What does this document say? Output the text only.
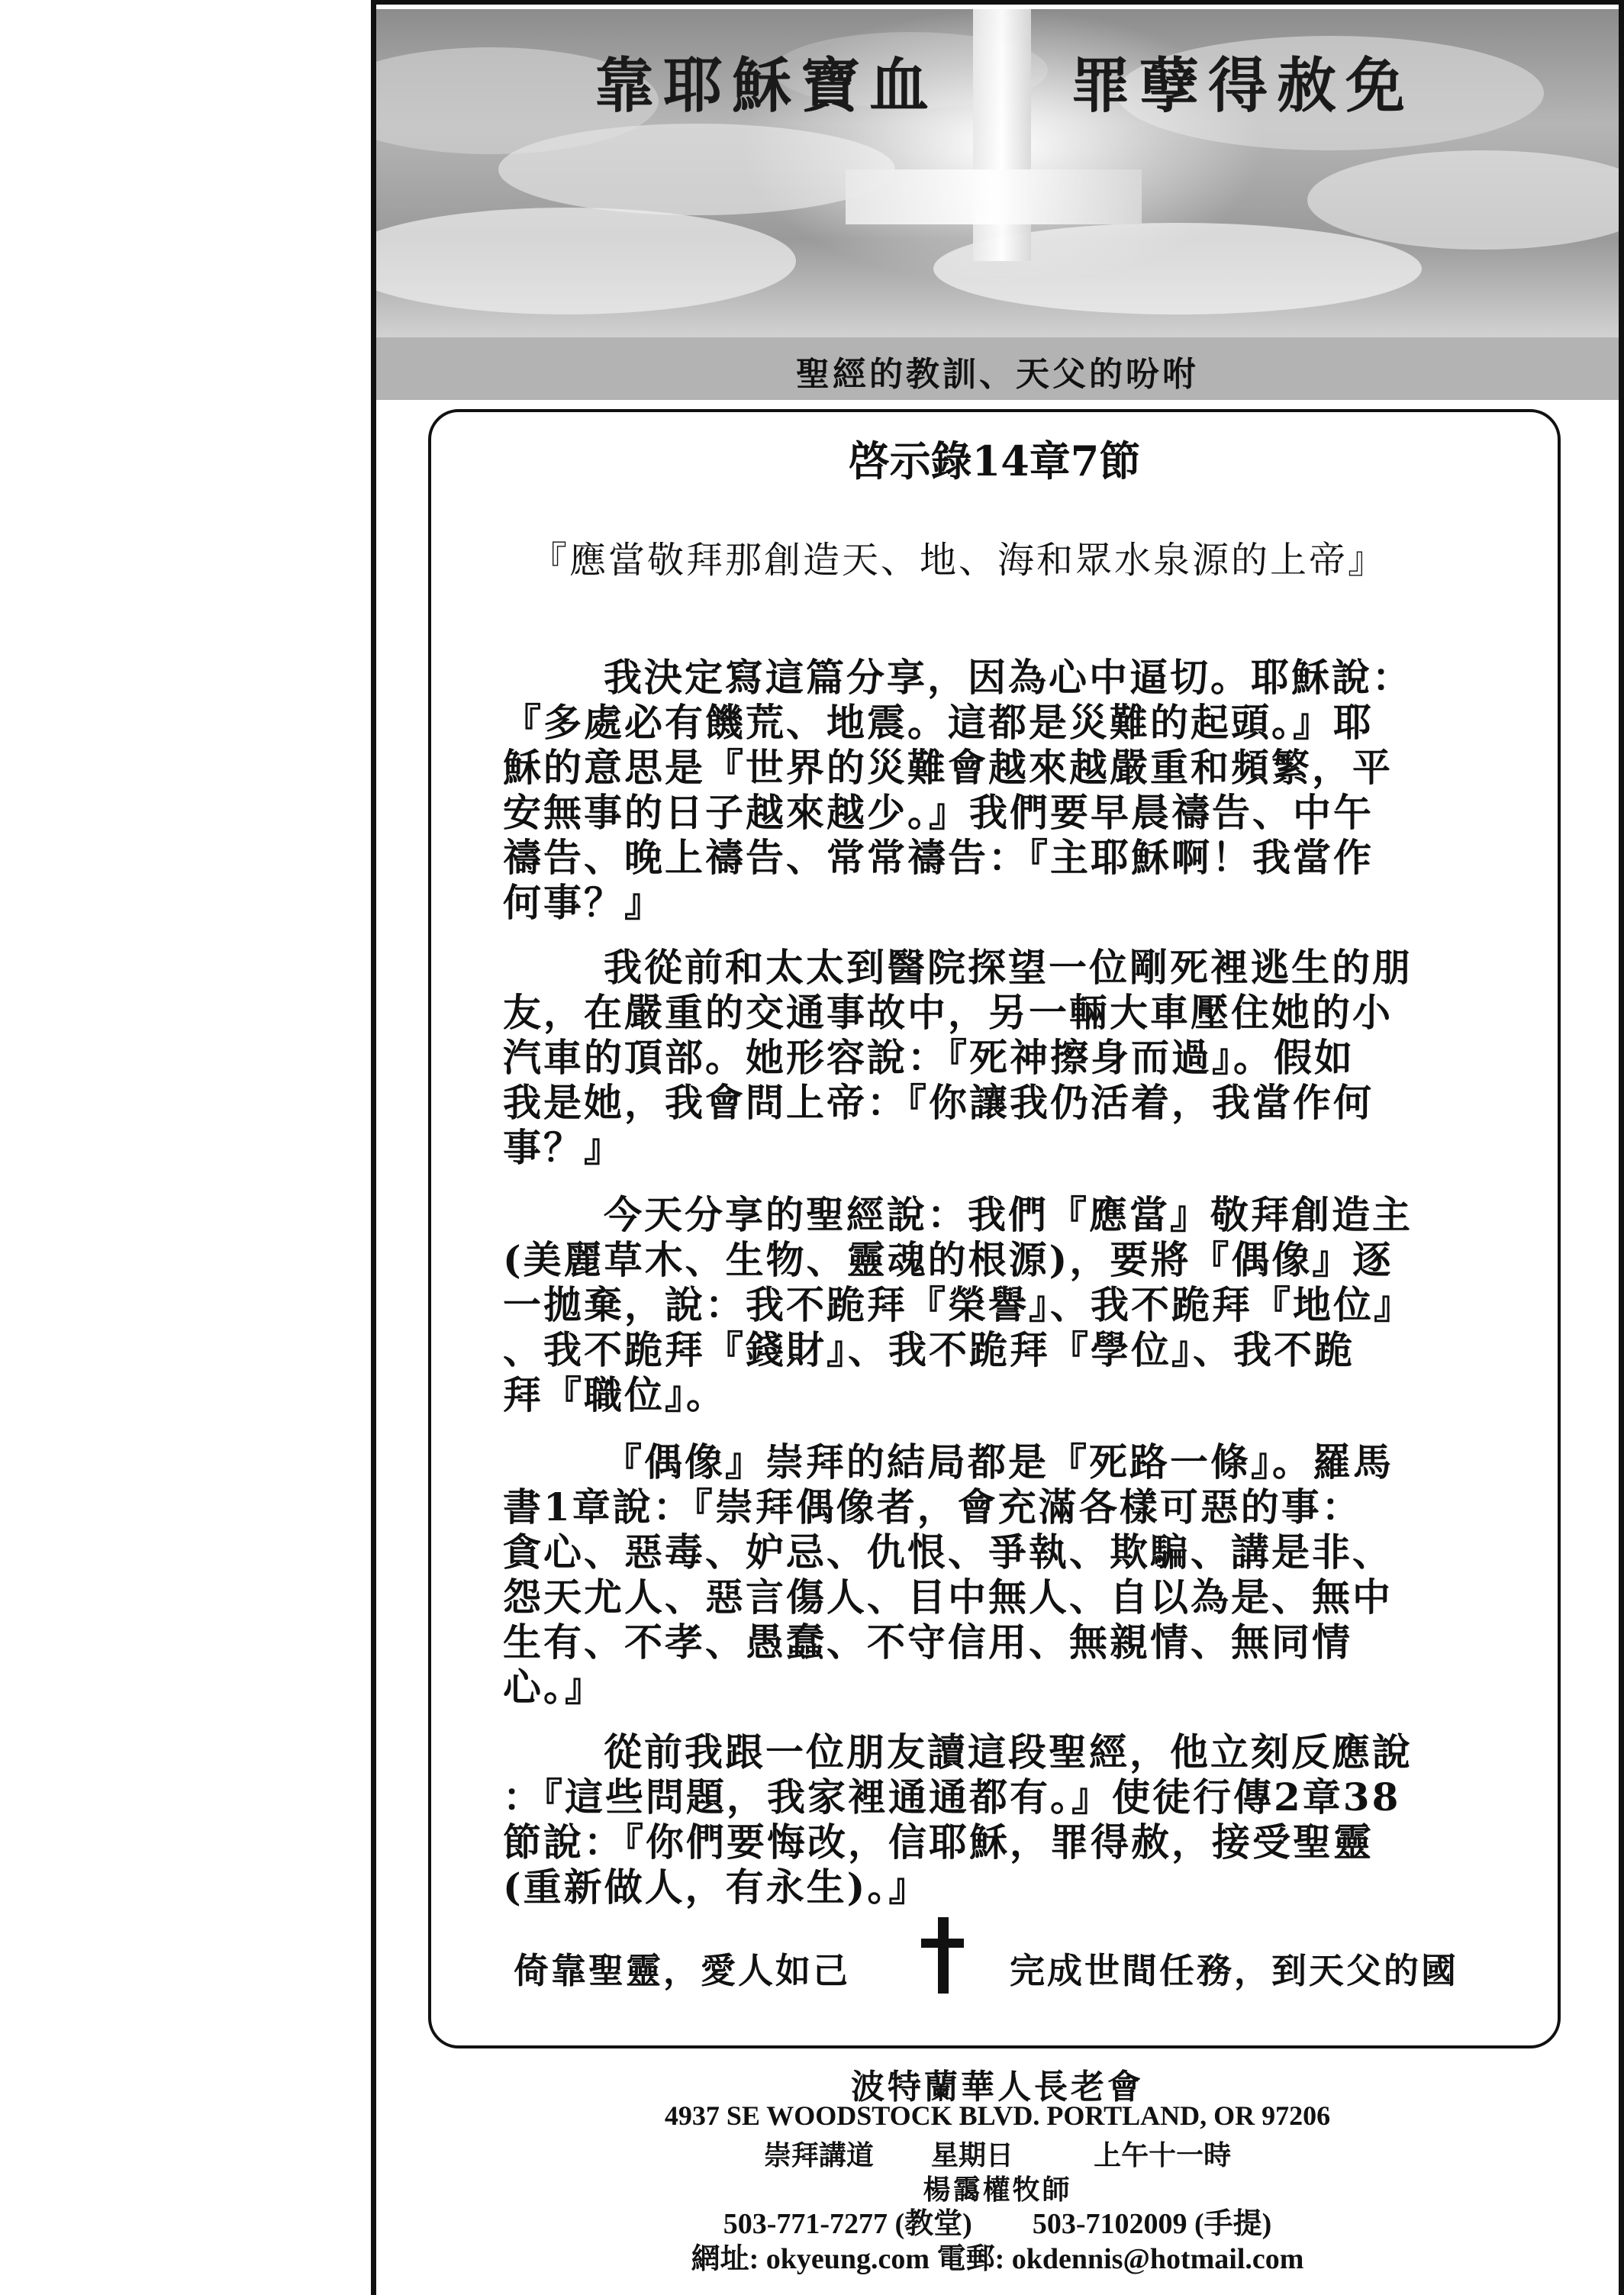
靠耶穌寶血 罪孽得赦免
聖經的教訓、天父的吩咐
啓示錄14章7節
『應當敬拜那創造天、地、海和眾水泉源的上帝』

我決定寫這篇分享，因為心中逼切。耶穌說：
『多處必有饑荒、地震。這都是災難的起頭。』耶
穌的意思是『世界的災難會越來越嚴重和頻繁，平
安無事的日子越來越少。』我們要早晨禱告、中午
禱告、晚上禱告、常常禱告：『主耶穌啊！我當作
何事？』

我從前和太太到醫院探望一位剛死裡逃生的朋
友，在嚴重的交通事故中，另一輛大車壓住她的小
汽車的頂部。她形容說：『死神擦身而過』。假如
我是她，我會問上帝：『你讓我仍活着，我當作何
事？』

今天分享的聖經說：我們『應當』敬拜創造主
(美麗草木、生物、靈魂的根源)，要將『偶像』逐
一拋棄，說：我不跪拜『榮譽』、我不跪拜『地位』
、我不跪拜『錢財』、我不跪拜『學位』、我不跪
拜『職位』。

『偶像』崇拜的結局都是『死路一條』。羅馬
書1章說：『崇拜偶像者，會充滿各樣可惡的事：
貪心、惡毒、妒忌、仇恨、爭執、欺騙、講是非、
怨天尤人、惡言傷人、目中無人、自以為是、無中
生有、不孝、愚蠢、不守信用、無親情、無同情
心。』

從前我跟一位朋友讀這段聖經，他立刻反應說
：『這些問題，我家裡通通都有。』使徒行傳2章38
節說：『你們要悔改，信耶穌，罪得赦，接受聖靈
(重新做人，有永生)。』

倚靠聖靈，愛人如己	完成世間任務，到天父的國
波特蘭華人長老會
4937 SE WOODSTOCK BLVD. PORTLAND, OR 97206
崇拜講道 星期日	上午十一時
楊靄權牧師
503-771-7277 (教堂) 503-7102009 (手提)
網址: okyeung.com 電郵: okdennis@hotmail.com
